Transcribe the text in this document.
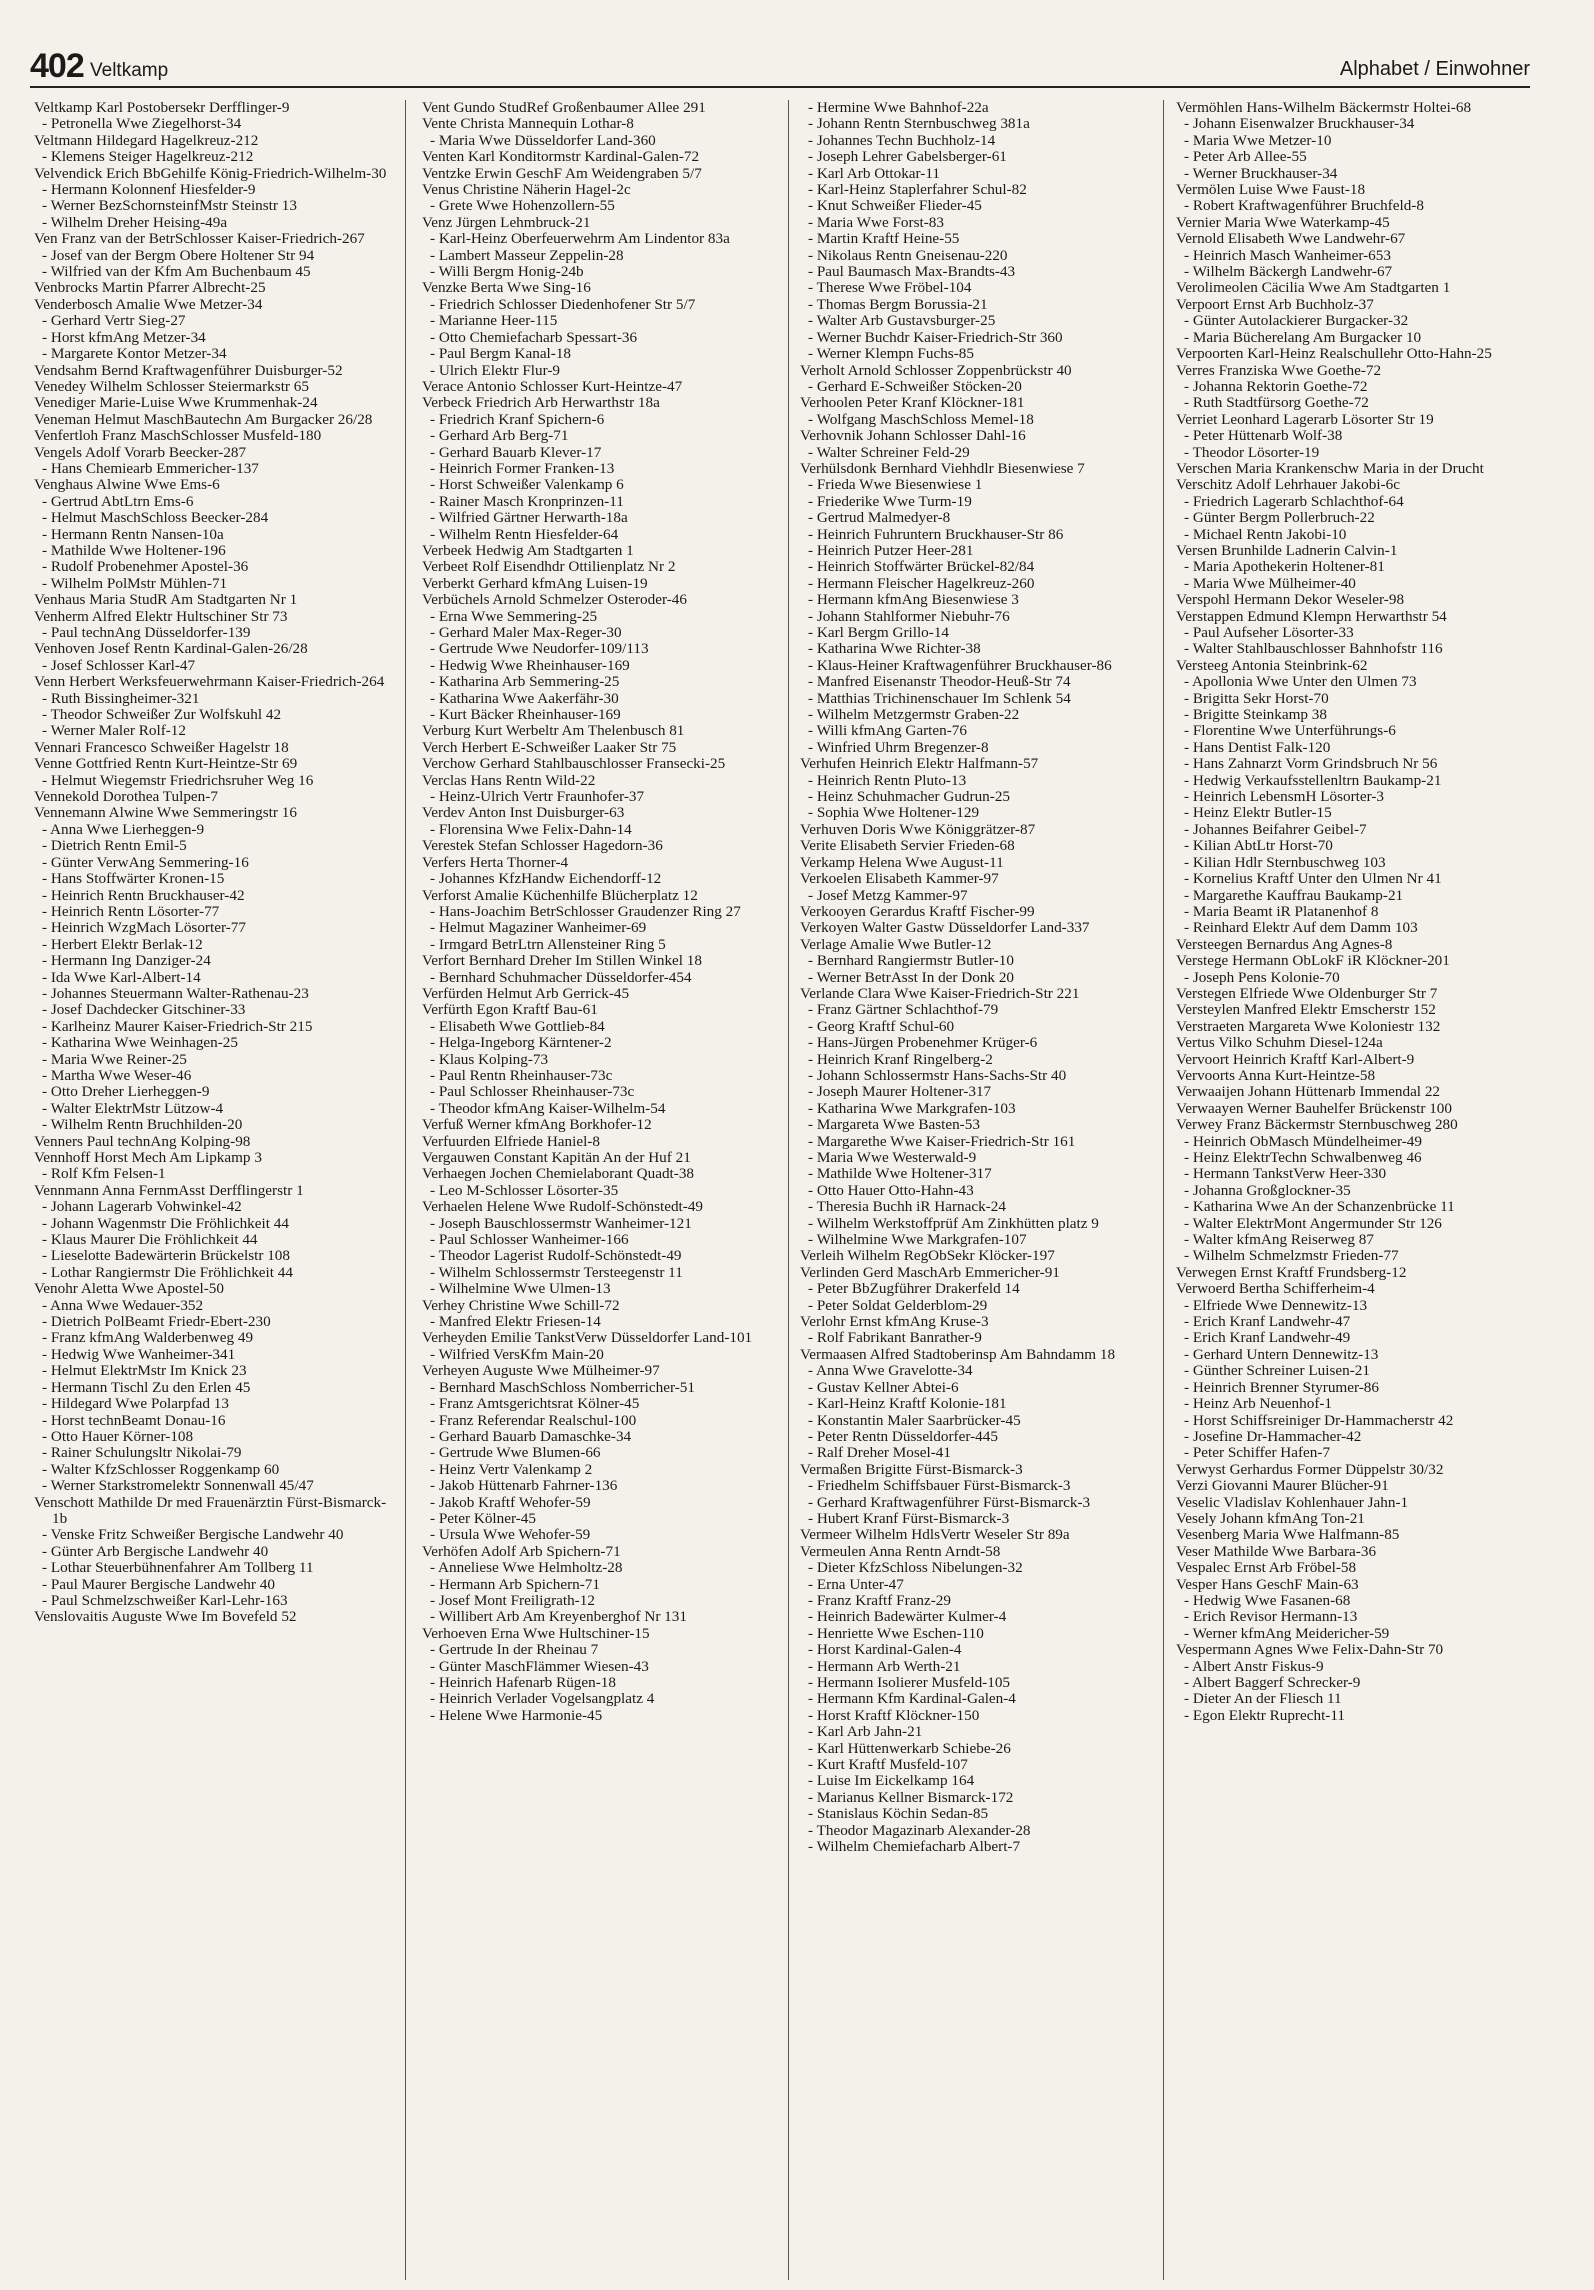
402 Veltkamp	Alphabet / Einwohner

Veltkamp Karl Postobersekr Derfflinger-9

- Petronella Wwe Ziegelhorst-34

Veltmann Hildegard Hagelkreuz-212

- Klemens Steiger Hagelkreuz-212

Velvendick Erich BbGehilfe König-Friedrich-Wilhelm-30

- Hermann Kolonnenf Hiesfelder-9

- Werner BezSchornsteinfMstr Steinstr 13

- Wilhelm Dreher Heising-49a

Ven Franz van der BetrSchlosser Kaiser-Friedrich-267

- Josef van der Bergm Obere Holtener Str 94

- Wilfried van der Kfm Am Buchenbaum 45

Venbrocks Martin Pfarrer Albrecht-25

Venderbosch Amalie Wwe Metzer-34

- Gerhard Vertr Sieg-27

- Horst kfmAng Metzer-34

- Margarete Kontor Metzer-34

Vendsahm Bernd Kraftwagenführer Duisburger-52

Venedey Wilhelm Schlosser Steiermarkstr 65

Venediger Marie-Luise Wwe Krummenhak-24

Veneman Helmut MaschBautechn Am Burgacker 26/28

Venfertloh Franz MaschSchlosser Musfeld-180

Vengels Adolf Vorarb Beecker-287

- Hans Chemiearb Emmericher-137

Venghaus Alwine Wwe Ems-6

- Gertrud AbtLtrn Ems-6

- Helmut MaschSchloss Beecker-284

- Hermann Rentn Nansen-10a

- Mathilde Wwe Holtener-196

- Rudolf Probenehmer Apostel-36

- Wilhelm PolMstr Mühlen-71

Venhaus Maria StudR Am Stadtgarten Nr 1

Venherm Alfred Elektr Hultschiner Str 73

- Paul technAng Düsseldorfer-139

Venhoven Josef Rentn Kardinal-Galen-26/28

- Josef Schlosser Karl-47

Venn Herbert Werksfeuerwehrmann Kaiser-Friedrich-264

- Ruth Bissingheimer-321

- Theodor Schweißer Zur Wolfskuhl 42

- Werner Maler Rolf-12

Vennari Francesco Schweißer Hagelstr 18

Venne Gottfried Rentn Kurt-Heintze-Str 69

- Helmut Wiegemstr Friedrichsruher Weg 16

Vennekold Dorothea Tulpen-7

Vennemann Alwine Wwe Semmeringstr 16

- Anna Wwe Lierheggen-9

- Dietrich Rentn Emil-5

- Günter VerwAng Semmering-16

- Hans Stoffwärter Kronen-15

- Heinrich Rentn Bruckhauser-42

- Heinrich Rentn Lösorter-77

- Heinrich WzgMach Lösorter-77

- Herbert Elektr Berlak-12

- Hermann Ing Danziger-24

- Ida Wwe Karl-Albert-14

- Johannes Steuermann Walter-Rathenau-23

- Josef Dachdecker Gitschiner-33

- Karlheinz Maurer Kaiser-Friedrich-Str 215

- Katharina Wwe Weinhagen-25

- Maria Wwe Reiner-25

- Martha Wwe Weser-46

- Otto Dreher Lierheggen-9

- Walter ElektrMstr Lützow-4

- Wilhelm Rentn Bruchhilden-20

Venners Paul technAng Kolping-98

Vennhoff Horst Mech Am Lipkamp 3

- Rolf Kfm Felsen-1

Vennmann Anna FernmAsst Derfflingerstr 1

- Johann Lagerarb Vohwinkel-42

- Johann Wagenmstr Die Fröhlichkeit 44

- Klaus Maurer Die Fröhlichkeit 44

- Lieselotte Badewärterin Brückelstr 108

- Lothar Rangiermstr Die Fröhlichkeit 44

Venohr Aletta Wwe Apostel-50

- Anna Wwe Wedauer-352

- Dietrich PolBeamt Friedr-Ebert-230

- Franz kfmAng Walderbenweg 49

- Hedwig Wwe Wanheimer-341

- Helmut ElektrMstr Im Knick 23

- Hermann Tischl Zu den Erlen 45

- Hildegard Wwe Polarpfad 13

- Horst technBeamt Donau-16

- Otto Hauer Körner-108

- Rainer Schulungsltr Nikolai-79

- Walter KfzSchlosser Roggenkamp 60

- Werner Starkstromelektr Sonnenwall 45/47

Venschott Mathilde Dr med Frauenärztin Fürst-Bismarck-1b

- Venske Fritz Schweißer Bergische Landwehr 40

- Günter Arb Bergische Landwehr 40

- Lothar Steuerbühnenfahrer Am Tollberg 11

- Paul Maurer Bergische Landwehr 40

- Paul Schmelzschweißer Karl-Lehr-163

Venslovaitis Auguste Wwe Im Bovefeld 52

Vent Gundo StudRef Großenbaumer Allee 291

Vente Christa Mannequin Lothar-8

- Maria Wwe Düsseldorfer Land-360

Venten Karl Konditormstr Kardinal-Galen-72

Ventzke Erwin GeschF Am Weidengraben 5/7

Venus Christine Näherin Hagel-2c

- Grete Wwe Hohenzollern-55

Venz Jürgen Lehmbruck-21

- Karl-Heinz Oberfeuerwehrm Am Lindentor 83a

- Lambert Masseur Zeppelin-28

- Willi Bergm Honig-24b

Venzke Berta Wwe Sing-16

- Friedrich Schlosser Diedenhofener Str 5/7

- Marianne Heer-115

- Otto Chemiefacharb Spessart-36

- Paul Bergm Kanal-18

- Ulrich Elektr Flur-9

Verace Antonio Schlosser Kurt-Heintze-47

Verbeck Friedrich Arb Herwarthstr 18a

- Friedrich Kranf Spichern-6

- Gerhard Arb Berg-71

- Gerhard Bauarb Klever-17

- Heinrich Former Franken-13

- Horst Schweißer Valenkamp 6

- Rainer Masch Kronprinzen-11

- Wilfried Gärtner Herwarth-18a

- Wilhelm Rentn Hiesfelder-64

Verbeek Hedwig Am Stadtgarten 1

Verbeet Rolf Eisendhdr Ottilienplatz Nr 2

Verberkt Gerhard kfmAng Luisen-19

Verbüchels Arnold Schmelzer Osteroder-46

- Erna Wwe Semmering-25

- Gerhard Maler Max-Reger-30

- Gertrude Wwe Neudorfer-109/113

- Hedwig Wwe Rheinhauser-169

- Katharina Arb Semmering-25

- Katharina Wwe Aakerfähr-30

- Kurt Bäcker Rheinhauser-169

Verburg Kurt Werbeltr Am Thelenbusch 81

Verch Herbert E-Schweißer Laaker Str 75

Verchow Gerhard Stahlbauschlosser Fransecki-25

Verclas Hans Rentn Wild-22

- Heinz-Ulrich Vertr Fraunhofer-37

Verdev Anton Inst Duisburger-63

- Florensina Wwe Felix-Dahn-14

Verestek Stefan Schlosser Hagedorn-36

Verfers Herta Thorner-4

- Johannes KfzHandw Eichendorff-12

Verforst Amalie Küchenhilfe Blücherplatz 12

- Hans-Joachim BetrSchlosser Graudenzer Ring 27

- Helmut Magaziner Wanheimer-69

- Irmgard BetrLtrn Allensteiner Ring 5

Verfort Bernhard Dreher Im Stillen Winkel 18

- Bernhard Schuhmacher Düsseldorfer-454

Verfürden Helmut Arb Gerrick-45

Verfürth Egon Kraftf Bau-61

- Elisabeth Wwe Gottlieb-84

- Helga-Ingeborg Kärntener-2

- Klaus Kolping-73

- Paul Rentn Rheinhauser-73c

- Paul Schlosser Rheinhauser-73c

- Theodor kfmAng Kaiser-Wilhelm-54

Verfuß Werner kfmAng Borkhofer-12

Verfuurden Elfriede Haniel-8

Vergauwen Constant Kapitän An der Huf 21

Verhaegen Jochen Chemielaborant Quadt-38

- Leo M-Schlosser Lösorter-35

Verhaelen Helene Wwe Rudolf-Schönstedt-49

- Joseph Bauschlossermstr Wanheimer-121

- Paul Schlosser Wanheimer-166

- Theodor Lagerist Rudolf-Schönstedt-49

- Wilhelm Schlossermstr Tersteegenstr 11

- Wilhelmine Wwe Ulmen-13

Verhey Christine Wwe Schill-72

- Manfred Elektr Friesen-14

Verheyden Emilie TankstVerw Düsseldorfer Land-101

- Wilfried VersKfm Main-20

Verheyen Auguste Wwe Mülheimer-97

- Bernhard MaschSchloss Nomberricher-51

- Franz Amtsgerichtsrat Kölner-45

- Franz Referendar Realschul-100

- Gerhard Bauarb Damaschke-34

- Gertrude Wwe Blumen-66

- Heinz Vertr Valenkamp 2

- Jakob Hüttenarb Fahrner-136

- Jakob Kraftf Wehofer-59

- Peter Kölner-45

- Ursula Wwe Wehofer-59

Verhöfen Adolf Arb Spichern-71

- Anneliese Wwe Helmholtz-28

- Hermann Arb Spichern-71

- Josef Mont Freiligrath-12

- Willibert Arb Am Kreyenberghof Nr 131

Verhoeven Erna Wwe Hultschiner-15

- Gertrude In der Rheinau 7

- Günter MaschFlämmer Wiesen-43

- Heinrich Hafenarb Rügen-18

- Heinrich Verlader Vogelsangplatz 4

- Helene Wwe Harmonie-45

- Hermine Wwe Bahnhof-22a

- Johann Rentn Sternbuschweg 381a

- Johannes Techn Buchholz-14

- Joseph Lehrer Gabelsberger-61

- Karl Arb Ottokar-11

- Karl-Heinz Staplerfahrer Schul-82

- Knut Schweißer Flieder-45

- Maria Wwe Forst-83

- Martin Kraftf Heine-55

- Nikolaus Rentn Gneisenau-220

- Paul Baumasch Max-Brandts-43

- Therese Wwe Fröbel-104

- Thomas Bergm Borussia-21

- Walter Arb Gustavsburger-25

- Werner Buchdr Kaiser-Friedrich-Str 360

- Werner Klempn Fuchs-85

Verholt Arnold Schlosser Zoppenbrückstr 40

- Gerhard E-Schweißer Stöcken-20

Verhoolen Peter Kranf Klöckner-181

- Wolfgang MaschSchloss Memel-18

Verhovnik Johann Schlosser Dahl-16

- Walter Schreiner Feld-29

Verhülsdonk Bernhard Viehhdlr Biesenwiese 7

- Frieda Wwe Biesenwiese 1

- Friederike Wwe Turm-19

- Gertrud Malmedyer-8

- Heinrich Fuhruntern Bruckhauser-Str 86

- Heinrich Putzer Heer-281

- Heinrich Stoffwärter Brückel-82/84

- Hermann Fleischer Hagelkreuz-260

- Hermann kfmAng Biesenwiese 3

- Johann Stahlformer Niebuhr-76

- Karl Bergm Grillo-14

- Katharina Wwe Richter-38

- Klaus-Heiner Kraftwagenführer Bruckhauser-86

- Manfred Eisenanstr Theodor-Heuß-Str 74

- Matthias Trichinenschauer Im Schlenk 54

- Wilhelm Metzgermstr Graben-22

- Willi kfmAng Garten-76

- Winfried Uhrm Bregenzer-8

Verhufen Heinrich Elektr Halfmann-57

- Heinrich Rentn Pluto-13

- Heinz Schuhmacher Gudrun-25

- Sophia Wwe Holtener-129

Verhuven Doris Wwe Königgrätzer-87

Verite Elisabeth Servier Frieden-68

Verkamp Helena Wwe August-11

Verkoelen Elisabeth Kammer-97

- Josef Metzg Kammer-97

Verkooyen Gerardus Kraftf Fischer-99

Verkoyen Walter Gastw Düsseldorfer Land-337

Verlage Amalie Wwe Butler-12

- Bernhard Rangiermstr Butler-10

- Werner BetrAsst In der Donk 20

Verlande Clara Wwe Kaiser-Friedrich-Str 221

- Franz Gärtner Schlachthof-79

- Georg Kraftf Schul-60

- Hans-Jürgen Probenehmer Krüger-6

- Heinrich Kranf Ringelberg-2

- Johann Schlossermstr Hans-Sachs-Str 40

- Joseph Maurer Holtener-317

- Katharina Wwe Markgrafen-103

- Margareta Wwe Basten-53

- Margarethe Wwe Kaiser-Friedrich-Str 161

- Maria Wwe Westerwald-9

- Mathilde Wwe Holtener-317

- Otto Hauer Otto-Hahn-43

- Theresia Buchh iR Harnack-24

- Wilhelm Werkstoffprüf Am Zinkhütten platz 9

- Wilhelmine Wwe Markgrafen-107

Verleih Wilhelm RegObSekr Klöcker-197

Verlinden Gerd MaschArb Emmericher-91

- Peter BbZugführer Drakerfeld 14

- Peter Soldat Gelderblom-29

Verlohr Ernst kfmAng Kruse-3

- Rolf Fabrikant Banrather-9

Vermaasen Alfred Stadtoberinsp Am Bahndamm 18

- Anna Wwe Gravelotte-34

- Gustav Kellner Abtei-6

- Karl-Heinz Kraftf Kolonie-181

- Konstantin Maler Saarbrücker-45

- Peter Rentn Düsseldorfer-445

- Ralf Dreher Mosel-41

Vermaßen Brigitte Fürst-Bismarck-3

- Friedhelm Schiffsbauer Fürst-Bismarck-3

- Gerhard Kraftwagenführer Fürst-Bismarck-3

- Hubert Kranf Fürst-Bismarck-3

Vermeer Wilhelm HdlsVertr Weseler Str 89a

Vermeulen Anna Rentn Arndt-58

- Dieter KfzSchloss Nibelungen-32

- Erna Unter-47

- Franz Kraftf Franz-29

- Heinrich Badewärter Kulmer-4

- Henriette Wwe Eschen-110

- Horst Kardinal-Galen-4

- Hermann Arb Werth-21

- Hermann Isolierer Musfeld-105

- Hermann Kfm Kardinal-Galen-4

- Horst Kraftf Klöckner-150

- Karl Arb Jahn-21

- Karl Hüttenwerkarb Schiebe-26

- Kurt Kraftf Musfeld-107

- Luise Im Eickelkamp 164

- Marianus Kellner Bismarck-172

- Stanislaus Köchin Sedan-85

- Theodor Magazinarb Alexander-28

- Wilhelm Chemiefacharb Albert-7

Vermöhlen Hans-Wilhelm Bäckermstr Holtei-68

- Johann Eisenwalzer Bruckhauser-34

- Maria Wwe Metzer-10

- Peter Arb Allee-55

- Werner Bruckhauser-34

Vermölen Luise Wwe Faust-18

- Robert Kraftwagenführer Bruchfeld-8

Vernier Maria Wwe Waterkamp-45

Vernold Elisabeth Wwe Landwehr-67

- Heinrich Masch Wanheimer-653

- Wilhelm Bäckergh Landwehr-67

Verolimeolen Cäcilia Wwe Am Stadtgarten 1

Verpoort Ernst Arb Buchholz-37

- Günter Autolackierer Burgacker-32

- Maria Bücherelang Am Burgacker 10

Verpoorten Karl-Heinz Realschullehr Otto-Hahn-25

Verres Franziska Wwe Goethe-72

- Johanna Rektorin Goethe-72

- Ruth Stadtfürsorg Goethe-72

Verriet Leonhard Lagerarb Lösorter Str 19

- Peter Hüttenarb Wolf-38

- Theodor Lösorter-19

Verschen Maria Krankenschw Maria in der Drucht

Verschitz Adolf Lehrhauer Jakobi-6c

- Friedrich Lagerarb Schlachthof-64

- Günter Bergm Pollerbruch-22

- Michael Rentn Jakobi-10

Versen Brunhilde Ladnerin Calvin-1

- Maria Apothekerin Holtener-81

- Maria Wwe Mülheimer-40

Verspohl Hermann Dekor Weseler-98

Verstappen Edmund Klempn Herwarthstr 54

- Paul Aufseher Lösorter-33

- Walter Stahlbauschlosser Bahnhofstr 116

Versteeg Antonia Steinbrink-62

- Apollonia Wwe Unter den Ulmen 73

- Brigitta Sekr Horst-70

- Brigitte Steinkamp 38

- Florentine Wwe Unterführungs-6

- Hans Dentist Falk-120

- Hans Zahnarzt Vorm Grindsbruch Nr 56

- Hedwig Verkaufsstellenltrn Baukamp-21

- Heinrich LebensmH Lösorter-3

- Heinz Elektr Butler-15

- Johannes Beifahrer Geibel-7

- Kilian AbtLtr Horst-70

- Kilian Hdlr Sternbuschweg 103

- Kornelius Kraftf Unter den Ulmen Nr 41

- Margarethe Kauffrau Baukamp-21

- Maria Beamt iR Platanenhof 8

- Reinhard Elektr Auf dem Damm 103

Versteegen Bernardus Ang Agnes-8

Verstege Hermann ObLokF iR Klöckner-201

- Joseph Pens Kolonie-70

Verstegen Elfriede Wwe Oldenburger Str 7

Versteylen Manfred Elektr Emscherstr 152

Verstraeten Margareta Wwe Koloniestr 132

Vertus Vilko Schuhm Diesel-124a

Vervoort Heinrich Kraftf Karl-Albert-9

Vervoorts Anna Kurt-Heintze-58

Verwaaijen Johann Hüttenarb Immendal 22

Verwaayen Werner Bauhelfer Brückenstr 100

Verwey Franz Bäckermstr Sternbuschweg 280

- Heinrich ObMasch Mündelheimer-49

- Heinz ElektrTechn Schwalbenweg 46

- Hermann TankstVerw Heer-330

- Johanna Großglockner-35

- Katharina Wwe An der Schanzenbrücke 11

- Walter ElektrMont Angermunder Str 126

- Walter kfmAng Reiserweg 87

- Wilhelm Schmelzmstr Frieden-77

Verwegen Ernst Kraftf Frundsberg-12

Verwoerd Bertha Schifferheim-4

- Elfriede Wwe Dennewitz-13

- Erich Kranf Landwehr-47

- Erich Kranf Landwehr-49

- Gerhard Untern Dennewitz-13

- Günther Schreiner Luisen-21

- Heinrich Brenner Styrumer-86

- Heinz Arb Neuenhof-1

- Horst Schiffsreiniger Dr-Hammacherstr 42

- Josefine Dr-Hammacher-42

- Peter Schiffer Hafen-7

Verwyst Gerhardus Former Düppelstr 30/32

Verzi Giovanni Maurer Blücher-91

Veselic Vladislav Kohlenhauer Jahn-1

Vesely Johann kfmAng Ton-21

Vesenberg Maria Wwe Halfmann-85

Veser Mathilde Wwe Barbara-36

Vespalec Ernst Arb Fröbel-58

Vesper Hans GeschF Main-63

- Hedwig Wwe Fasanen-68

- Erich Revisor Hermann-13

- Werner kfmAng Meidericher-59

Vespermann Agnes Wwe Felix-Dahn-Str 70

- Albert Anstr Fiskus-9

- Albert Baggerf Schrecker-9

- Dieter An der Fliesch 11

- Egon Elektr Ruprecht-11
